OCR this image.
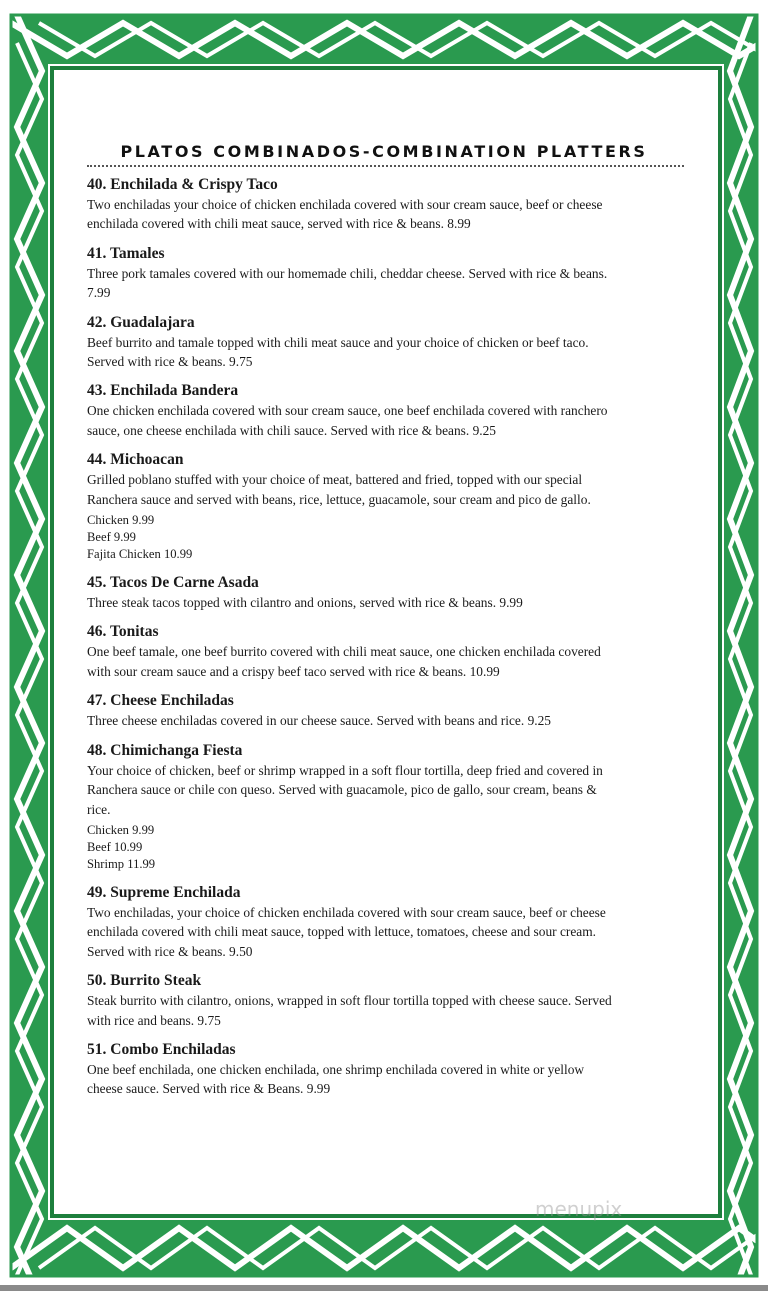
PLATOS COMBINADOS-COMBINATION PLATTERS
40. Enchilada & Crispy Taco
Two enchiladas your choice of chicken enchilada covered with sour cream sauce, beef or cheese
enchilada covered with chili meat sauce, served with rice & beans. 8.99
41. Tamales
Three pork tamales covered with our homemade chili, cheddar cheese. Served with rice & beans.
7.99
42. Guadalajara
Beef burrito and tamale topped with chili meat sauce and your choice of chicken or beef taco.
Served with rice & beans. 9.75
43. Enchilada Bandera
One chicken enchilada covered with sour cream sauce, one beef enchilada covered with ranchero
sauce, one cheese enchilada with chili sauce. Served with rice & beans. 9.25
44. Michoacan
Grilled poblano stuffed with your choice of meat, battered and fried, topped with our special
Ranchera sauce and served with beans, rice, lettuce, guacamole, sour cream and pico de gallo.
Chicken 9.99
Beef 9.99
Fajita Chicken 10.99
45. Tacos De Carne Asada
Three steak tacos topped with cilantro and onions, served with rice & beans. 9.99
46. Tonitas
One beef tamale, one beef burrito covered with chili meat sauce, one chicken enchilada covered
with sour cream sauce and a crispy beef taco served with rice & beans. 10.99
47. Cheese Enchiladas
Three cheese enchiladas covered in our cheese sauce. Served with beans and rice. 9.25
48. Chimichanga Fiesta
Your choice of chicken, beef or shrimp wrapped in a soft flour tortilla, deep fried and covered in
Ranchera sauce or chile con queso. Served with guacamole, pico de gallo, sour cream, beans &
rice.
Chicken 9.99
Beef 10.99
Shrimp 11.99
49. Supreme Enchilada
Two enchiladas, your choice of chicken enchilada covered with sour cream sauce, beef or cheese
enchilada covered with chili meat sauce, topped with lettuce, tomatoes, cheese and sour cream.
Served with rice & beans. 9.50
50. Burrito Steak
Steak burrito with cilantro, onions, wrapped in soft flour tortilla topped with cheese sauce. Served
with rice and beans. 9.75
51. Combo Enchiladas
One beef enchilada, one chicken enchilada, one shrimp enchilada covered in white or yellow
cheese sauce. Served with rice & Beans. 9.99
menupix
